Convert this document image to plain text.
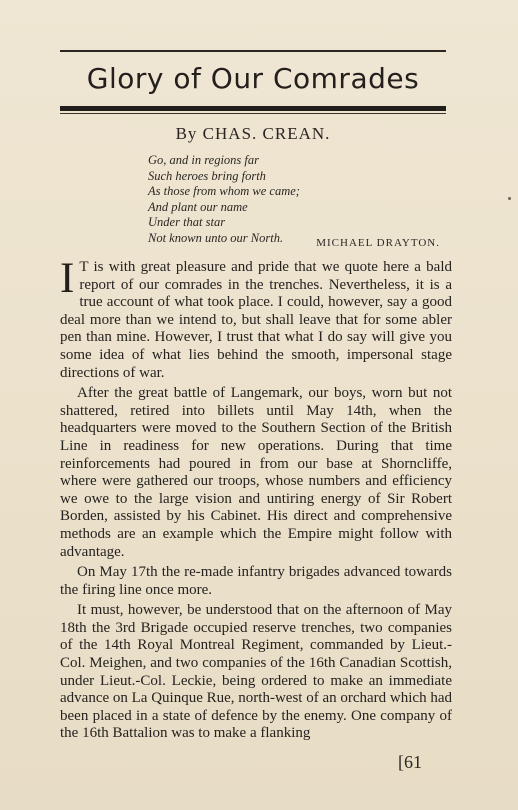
Glory of Our Comrades
By CHAS. CREAN.
Go, and in regions far
Such heroes bring forth
As those from whom we came;
And plant our name
Under that star
Not known unto our North.	MICHAEL DRAYTON.

I T is with great pleasure and pride that we quote here a bald report of our comrades in the trenches. Nevertheless, it is a true account of what took place. I could, however, say a good deal more than we intend to, but shall leave that for some abler pen than mine. However, I trust that what I do say will give you some idea of what lies behind the smooth, impersonal stage directions of war.

After the great battle of Langemark, our boys, worn but not shattered, retired into billets until May 14th, when the headquarters were moved to the Southern Section of the British Line in readiness for new operations. During that time reinforcements had poured in from our base at Shorncliffe, where were gathered our troops, whose numbers and efficiency we owe to the large vision and untiring energy of Sir Robert Borden, assisted by his Cabinet. His direct and comprehensive methods are an example which the Empire might follow with advantage.

On May 17th the re-made infantry brigades advanced towards the firing line once more.

It must, however, be understood that on the afternoon of May 18th the 3rd Brigade occupied reserve trenches, two companies of the 14th Royal Montreal Regiment, commanded by Lieut.-Col. Meighen, and two companies of the 16th Canadian Scottish, under Lieut.-Col. Leckie, being ordered to make an immediate advance on La Quinque Rue, north-west of an orchard which had been placed in a state of defence by the enemy. One company of the 16th Battalion was to make a flanking

[61
